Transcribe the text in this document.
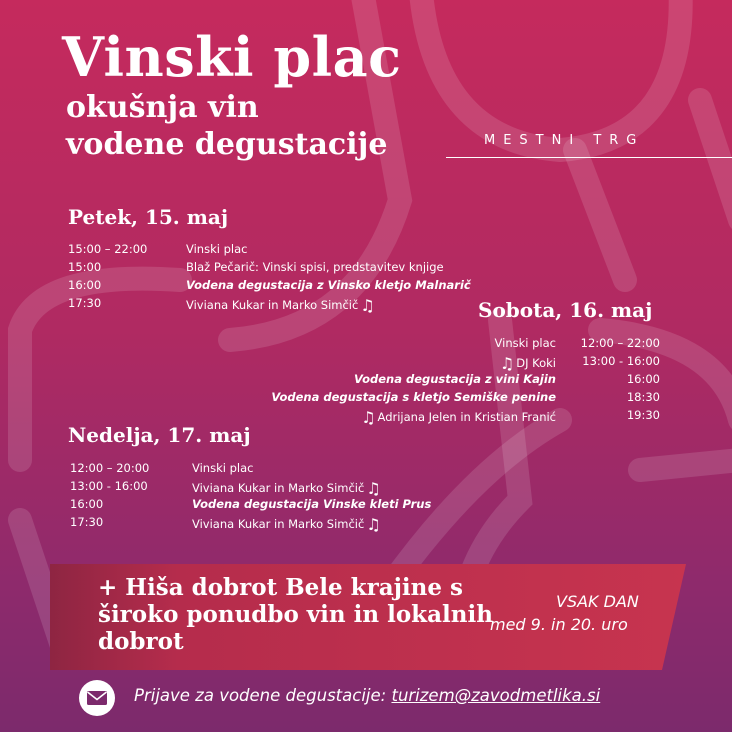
Vinski plac
okušnja vin
vodene degustacije	MESTNI TRG
Petek, 15. maj
15:00 – 22:00	Vinski plac
15:00	Blaž Pečarič: Vinski spisi, predstavitev knjige
16:00	Vodena degustacija z Vinsko kletjo Malnarič
17:30	Viviana Kukar in Marko Simčič ♫	Sobota, 16. maj
Vinski plac 12:00 – 22:00
♫ DJ Koki 13:00 - 16:00
Vodena degustacija z vini Kajin	16:00
Vodena degustacija s kletjo Semiške penine	18:30
♫ Adrijana Jelen in Kristian Franić	19:30
Nedelja, 17. maj
12:00 – 20:00	Vinski plac
13:00 - 16:00	Viviana Kukar in Marko Simčič ♫
16:00	Vodena degustacija Vinske kleti Prus
17:30	Viviana Kukar in Marko Simčič ♫
+ Hiša dobrot Bele krajine s široko ponudbo vin in lokalnih dobrot
VSAK DAN
med 9. in 20. uro
Prijave za vodene degustacije: turizem@zavodmetlika.si
